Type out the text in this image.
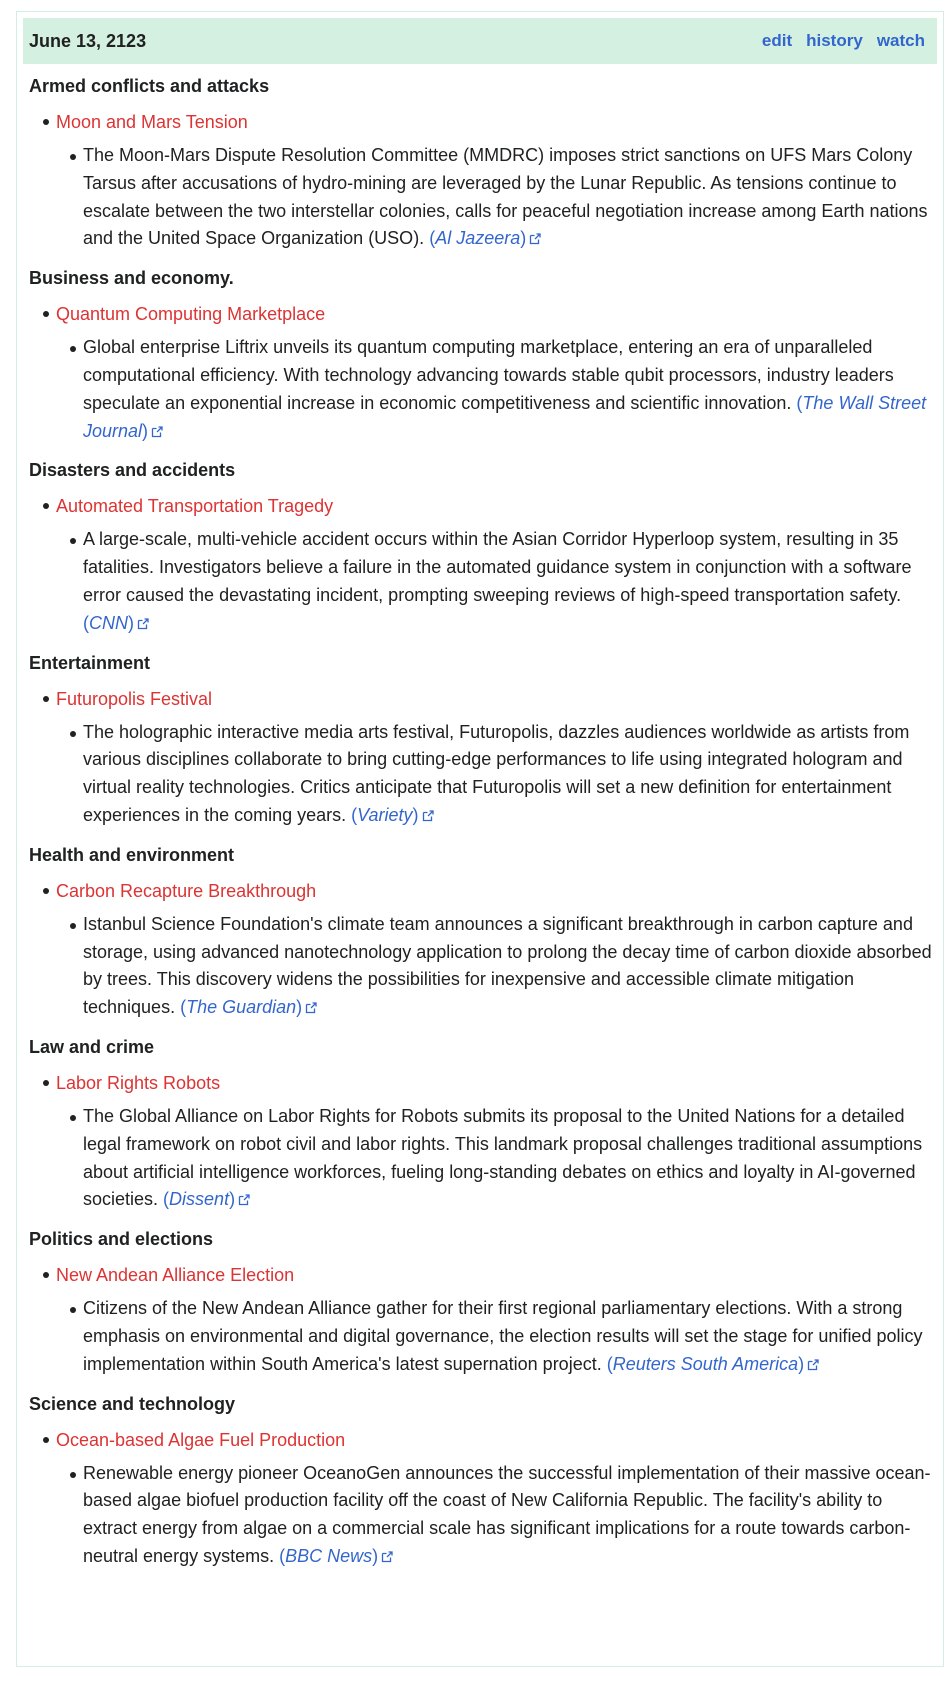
June 13, 2123	edit history watch

Armed conflicts and attacks

Moon and Mars Tension
The Moon-Mars Dispute Resolution Committee (MMDRC) imposes strict sanctions on UFS Mars Colony Tarsus after accusations of hydro-mining are leveraged by the Lunar Republic. As tensions continue to escalate between the two interstellar colonies, calls for peaceful negotiation increase among Earth nations and the United Space Organization (USO). (Al Jazeera)

Business and economy.

Quantum Computing Marketplace
Global enterprise Liftrix unveils its quantum computing marketplace, entering an era of unparalleled computational efficiency. With technology advancing towards stable qubit processors, industry leaders speculate an exponential increase in economic competitiveness and scientific innovation. (The Wall Street Journal)

Disasters and accidents

Automated Transportation Tragedy
A large-scale, multi-vehicle accident occurs within the Asian Corridor Hyperloop system, resulting in 35 fatalities. Investigators believe a failure in the automated guidance system in conjunction with a software error caused the devastating incident, prompting sweeping reviews of high-speed transportation safety. (CNN)

Entertainment

Futuropolis Festival
The holographic interactive media arts festival, Futuropolis, dazzles audiences worldwide as artists from various disciplines collaborate to bring cutting-edge performances to life using integrated hologram and virtual reality technologies. Critics anticipate that Futuropolis will set a new definition for entertainment experiences in the coming years. (Variety)

Health and environment

Carbon Recapture Breakthrough
Istanbul Science Foundation's climate team announces a significant breakthrough in carbon capture and storage, using advanced nanotechnology application to prolong the decay time of carbon dioxide absorbed by trees. This discovery widens the possibilities for inexpensive and accessible climate mitigation techniques. (The Guardian)

Law and crime

Labor Rights Robots
The Global Alliance on Labor Rights for Robots submits its proposal to the United Nations for a detailed legal framework on robot civil and labor rights. This landmark proposal challenges traditional assumptions about artificial intelligence workforces, fueling long-standing debates on ethics and loyalty in AI-governed societies. (Dissent)

Politics and elections

New Andean Alliance Election
Citizens of the New Andean Alliance gather for their first regional parliamentary elections. With a strong emphasis on environmental and digital governance, the election results will set the stage for unified policy implementation within South America's latest supernation project. (Reuters South America)

Science and technology

Ocean-based Algae Fuel Production
Renewable energy pioneer OceanoGen announces the successful implementation of their massive ocean-based algae biofuel production facility off the coast of New California Republic. The facility's ability to extract energy from algae on a commercial scale has significant implications for a route towards carbon-neutral energy systems. (BBC News)
